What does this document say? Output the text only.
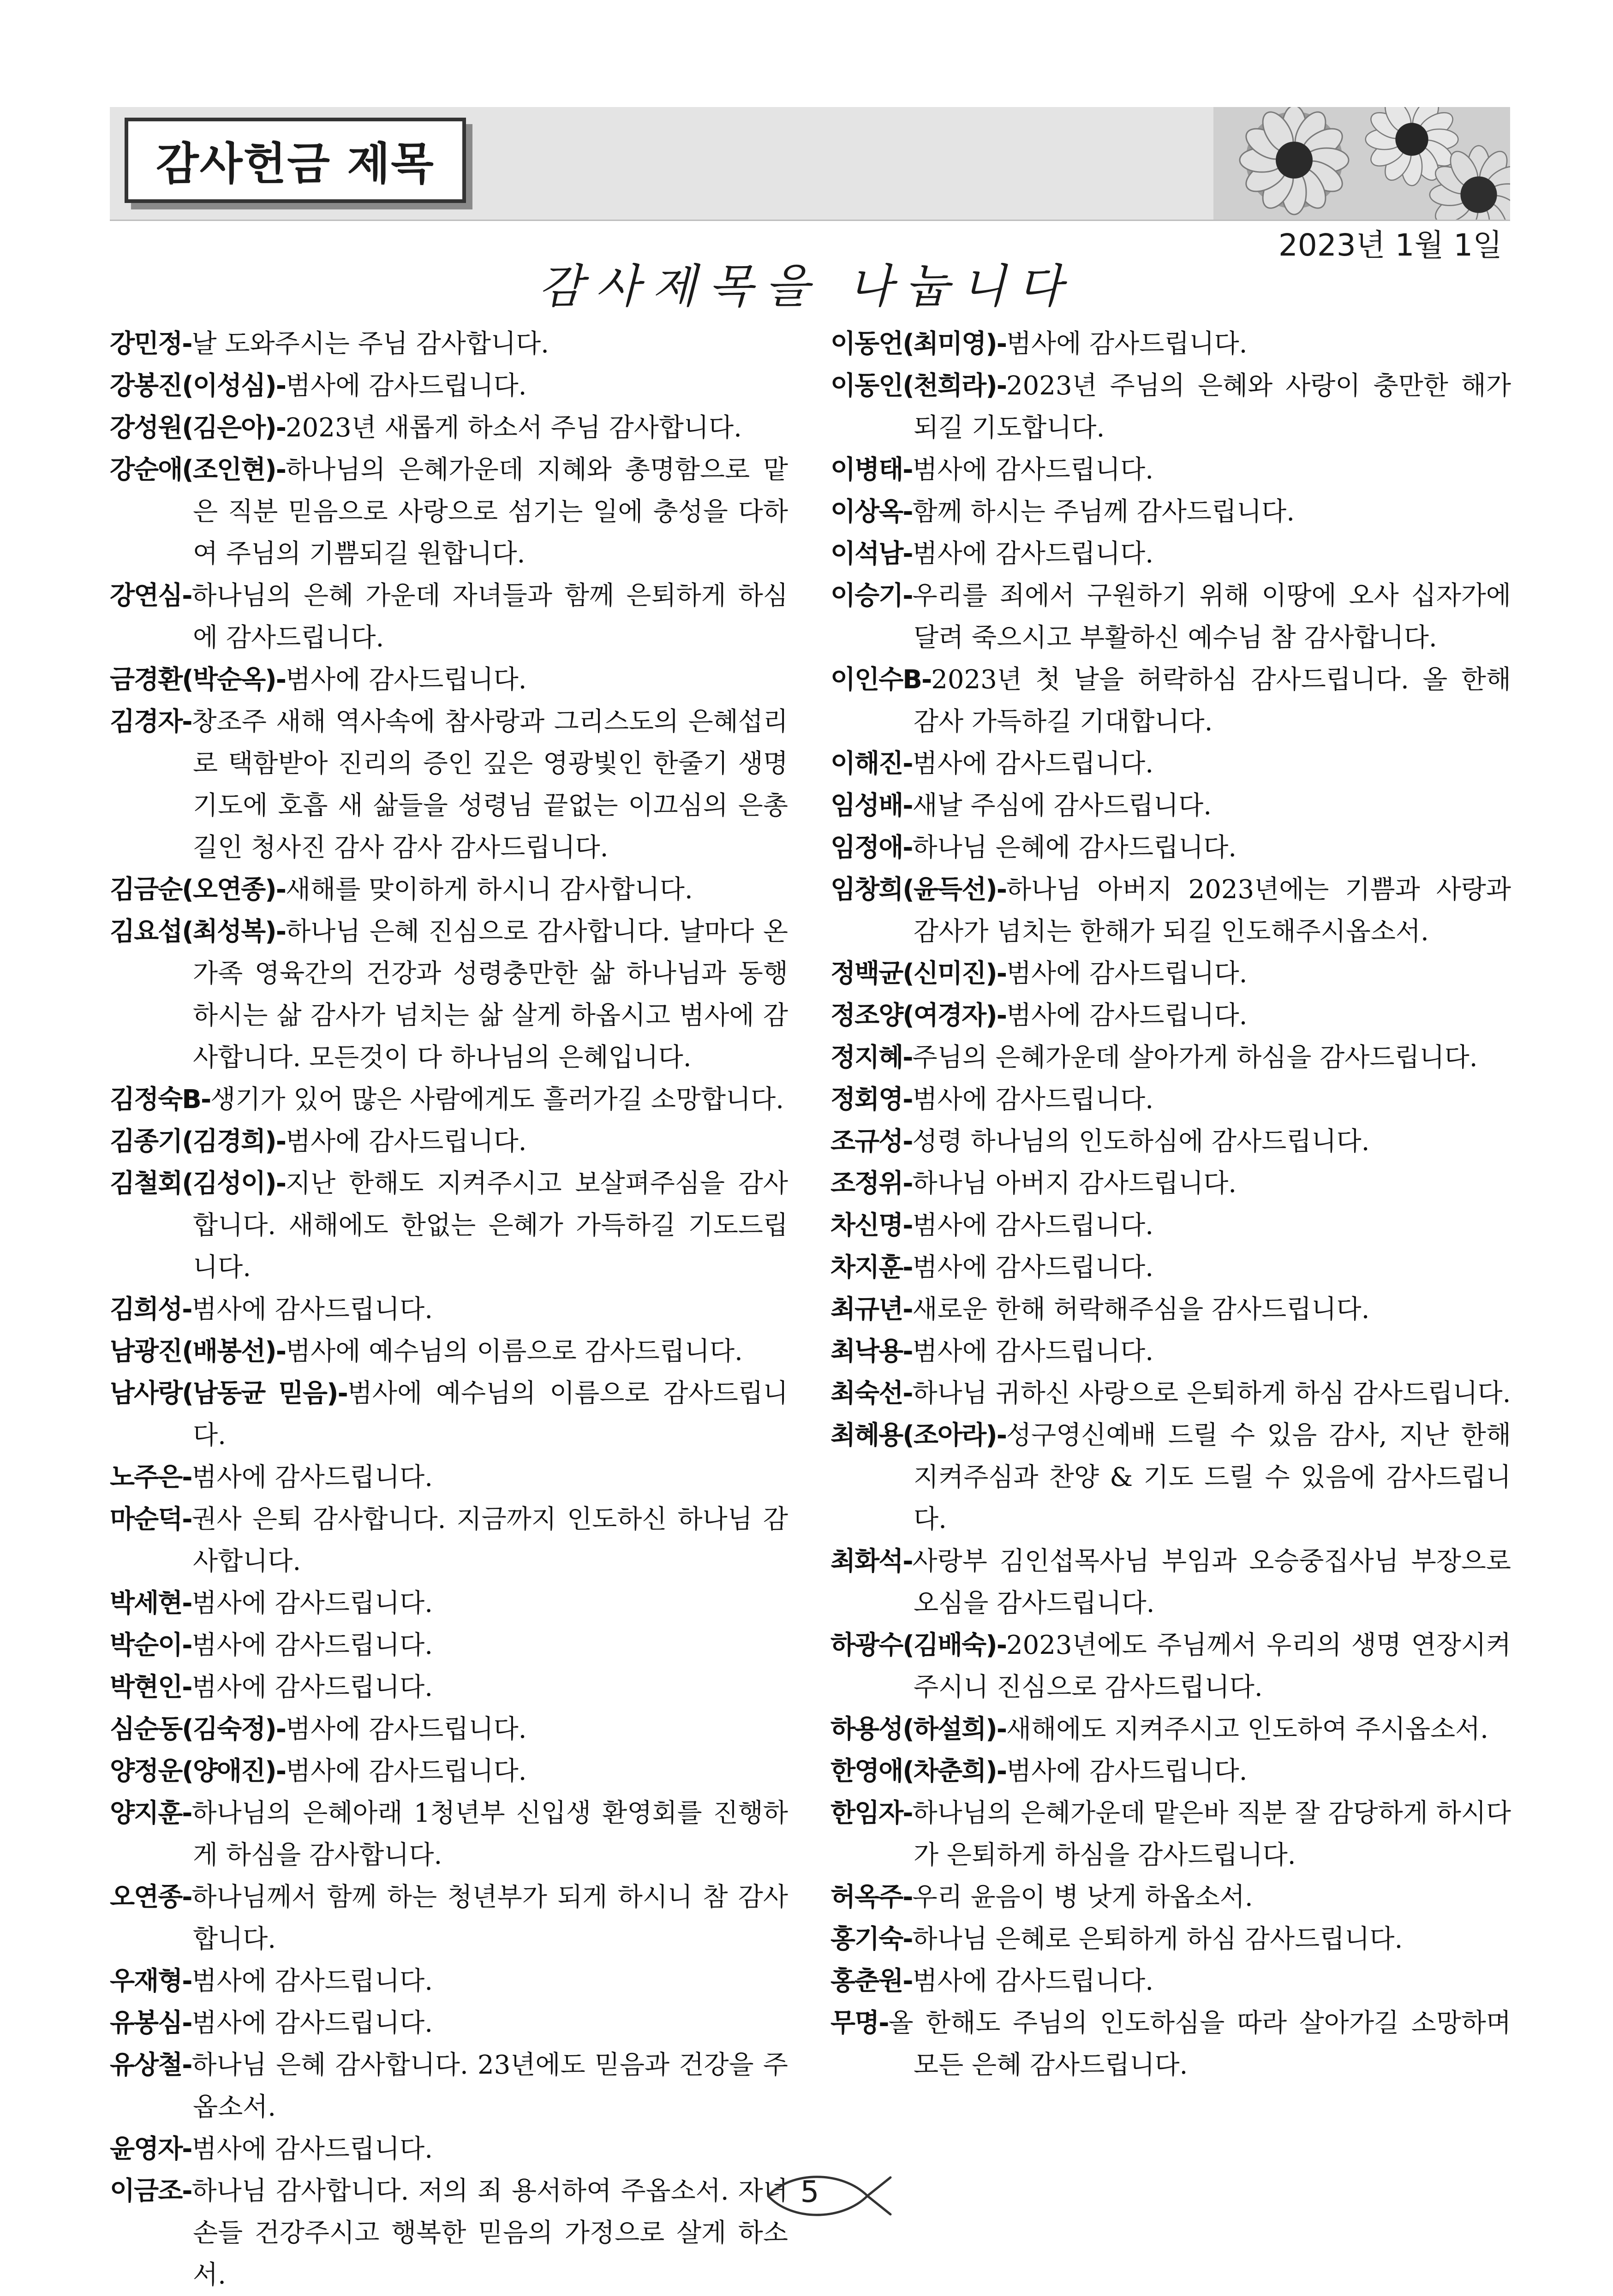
감사헌금 제목
2023년 1월 1일
감사제목을 나눕니다

강민정-날 도와주시는 주님 감사합니다.

강봉진(이성심)-범사에 감사드립니다.

강성원(김은아)-2023년 새롭게 하소서 주님 감사합니다.

강순애(조인현)-하나님의 은혜가운데 지혜와 총명함으로 맡은 직분 믿음으로 사랑으로 섬기는 일에 충성을 다하여 주님의 기쁨되길 원합니다.

강연심-하나님의 은혜 가운데 자녀들과 함께 은퇴하게 하심에 감사드립니다.

금경환(박순옥)-범사에 감사드립니다.

김경자-창조주 새해 역사속에 참사랑과 그리스도의 은혜섭리로 택함받아 진리의 증인 깊은 영광빛인 한줄기 생명기도에 호흡 새 삶들을 성령님 끝없는 이끄심의 은총길인 청사진 감사 감사 감사드립니다.

김금순(오연종)-새해를 맞이하게 하시니 감사합니다.

김요섭(최성복)-하나님 은혜 진심으로 감사합니다. 날마다 온 가족 영육간의 건강과 성령충만한 삶 하나님과 동행하시는 삶 감사가 넘치는 삶 살게 하옵시고 범사에 감사합니다. 모든것이 다 하나님의 은혜입니다.

김정숙B-생기가 있어 많은 사람에게도 흘러가길 소망합니다.

김종기(김경희)-범사에 감사드립니다.

김철회(김성이)-지난 한해도 지켜주시고 보살펴주심을 감사합니다. 새해에도 한없는 은혜가 가득하길 기도드립니다.

김희성-범사에 감사드립니다.

남광진(배봉선)-범사에 예수님의 이름으로 감사드립니다.

남사랑(남동균 믿음)-범사에 예수님의 이름으로 감사드립니다.

노주은-범사에 감사드립니다.

마순덕-권사 은퇴 감사합니다. 지금까지 인도하신 하나님 감사합니다.

박세현-범사에 감사드립니다.

박순이-범사에 감사드립니다.

박현인-범사에 감사드립니다.

심순동(김숙정)-범사에 감사드립니다.

양정운(양애진)-범사에 감사드립니다.

양지훈-하나님의 은혜아래 1청년부 신입생 환영회를 진행하게 하심을 감사합니다.

오연종-하나님께서 함께 하는 청년부가 되게 하시니 참 감사합니다.

우재형-범사에 감사드립니다.

유봉심-범사에 감사드립니다.

유상철-하나님 은혜 감사합니다. 23년에도 믿음과 건강을 주옵소서.

윤영자-범사에 감사드립니다.

이금조-하나님 감사합니다. 저의 죄 용서하여 주옵소서. 자녀손들 건강주시고 행복한 믿음의 가정으로 살게 하소서.

이동언(최미영)-범사에 감사드립니다.

이동인(천희라)-2023년 주님의 은혜와 사랑이 충만한 해가 되길 기도합니다.

이병태-범사에 감사드립니다.

이상옥-함께 하시는 주님께 감사드립니다.

이석남-범사에 감사드립니다.

이승기-우리를 죄에서 구원하기 위해 이땅에 오사 십자가에 달려 죽으시고 부활하신 예수님 참 감사합니다.

이인수B-2023년 첫 날을 허락하심 감사드립니다. 올 한해 감사 가득하길 기대합니다.

이해진-범사에 감사드립니다.

임성배-새날 주심에 감사드립니다.

임정애-하나님 은혜에 감사드립니다.

임창희(윤득선)-하나님 아버지 2023년에는 기쁨과 사랑과 감사가 넘치는 한해가 되길 인도해주시옵소서.

정백균(신미진)-범사에 감사드립니다.

정조양(여경자)-범사에 감사드립니다.

정지혜-주님의 은혜가운데 살아가게 하심을 감사드립니다.

정회영-범사에 감사드립니다.

조규성-성령 하나님의 인도하심에 감사드립니다.

조정위-하나님 아버지 감사드립니다.

차신명-범사에 감사드립니다.

차지훈-범사에 감사드립니다.

최규년-새로운 한해 허락해주심을 감사드립니다.

최낙용-범사에 감사드립니다.

최숙선-하나님 귀하신 사랑으로 은퇴하게 하심 감사드립니다.

최혜용(조아라)-성구영신예배 드릴 수 있음 감사, 지난 한해 지켜주심과 찬양 & 기도 드릴 수 있음에 감사드립니다.

최화석-사랑부 김인섭목사님 부임과 오승중집사님 부장으로 오심을 감사드립니다.

하광수(김배숙)-2023년에도 주님께서 우리의 생명 연장시켜주시니 진심으로 감사드립니다.

하용성(하설희)-새해에도 지켜주시고 인도하여 주시옵소서.

한영애(차춘희)-범사에 감사드립니다.

한임자-하나님의 은혜가운데 맡은바 직분 잘 감당하게 하시다가 은퇴하게 하심을 감사드립니다.

허옥주-우리 윤음이 병 낫게 하옵소서.

홍기숙-하나님 은혜로 은퇴하게 하심 감사드립니다.

홍춘원-범사에 감사드립니다.

무명-올 한해도 주님의 인도하심을 따라 살아가길 소망하며 모든 은혜 감사드립니다.

5
